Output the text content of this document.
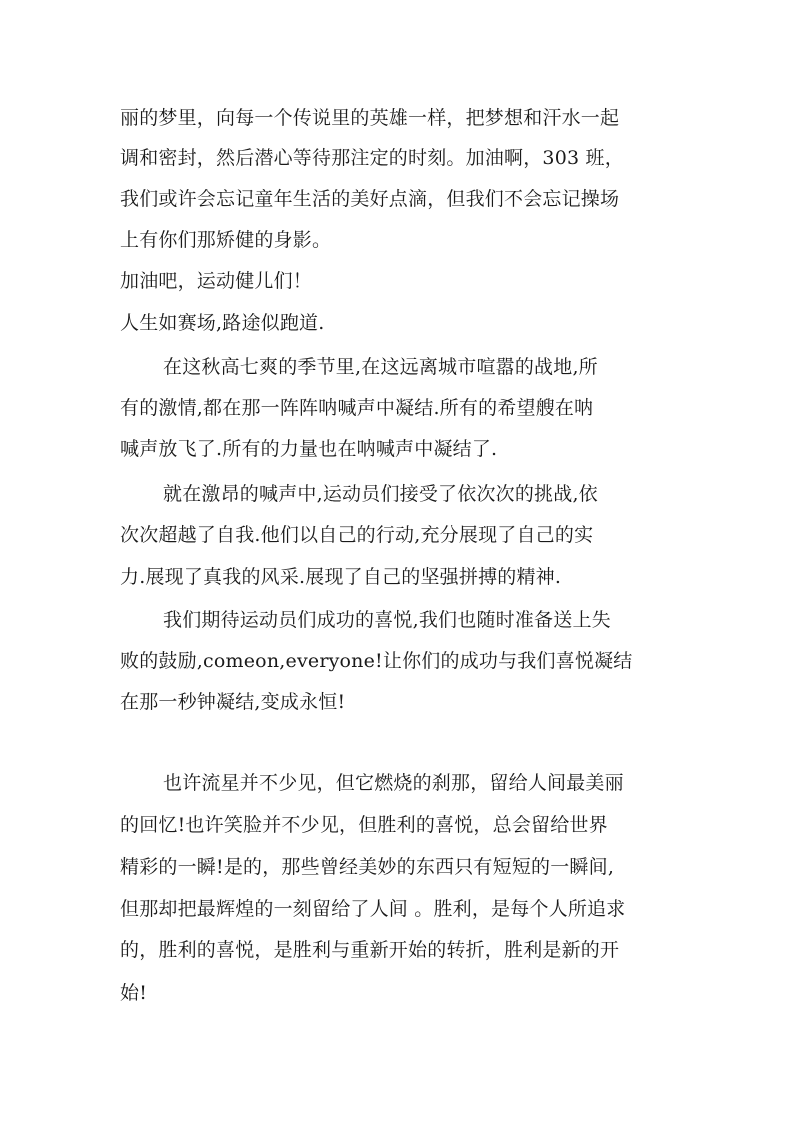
丽的梦里，向每一个传说里的英雄一样，把梦想和汗水一起
调和密封，然后潜心等待那注定的时刻。加油啊，303 班，
我们或许会忘记童年生活的美好点滴，但我们不会忘记操场
上有你们那矫健的身影。
加油吧，运动健儿们！
人生如赛场,路途似跑道.
在这秋高七爽的季节里,在这远离城市喧嚣的战地,所
有的激情,都在那一阵阵呐喊声中凝结.所有的希望艘在呐
喊声放飞了.所有的力量也在呐喊声中凝结了.
就在激昂的喊声中,运动员们接受了依次次的挑战,依
次次超越了自我.他们以自己的行动,充分展现了自己的实
力.展现了真我的风采.展现了自己的坚强拼搏的精神.
我们期待运动员们成功的喜悦,我们也随时准备送上失
败的鼓励,comeon,everyone!让你们的成功与我们喜悦凝结
在那一秒钟凝结,变成永恒!
也许流星并不少见，但它燃烧的刹那，留给人间最美丽
的回忆!也许笑脸并不少见，但胜利的喜悦，总会留给世界
精彩的一瞬!是的，那些曾经美妙的东西只有短短的一瞬间,
但那却把最辉煌的一刻留给了人间 。胜利，是每个人所追求
的，胜利的喜悦，是胜利与重新开始的转折，胜利是新的开
始!
